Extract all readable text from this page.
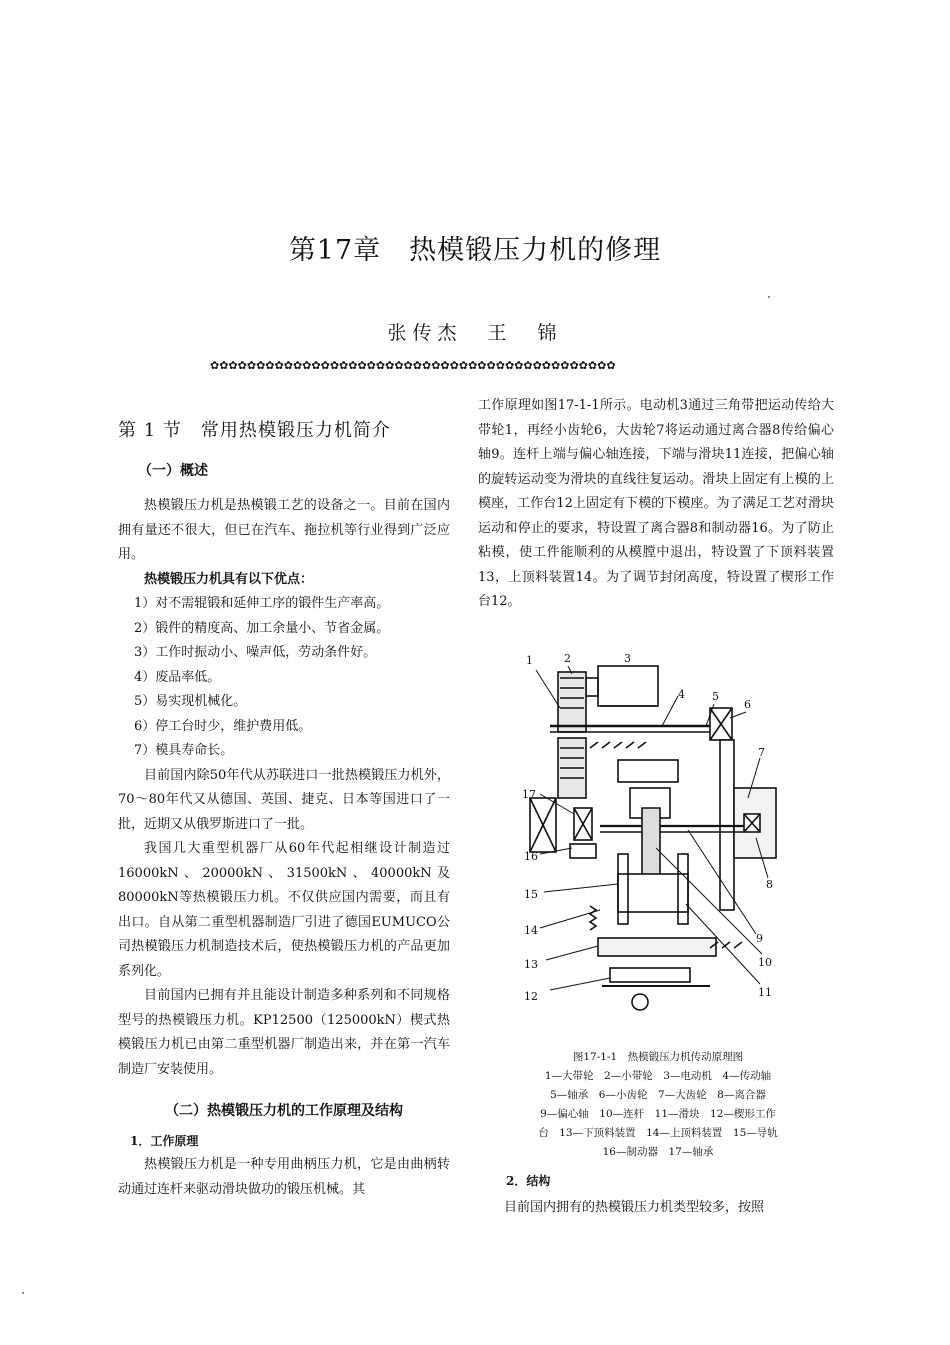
第17章　热模锻压力机的修理
张传杰　王　锦
✿✿✿✿✿✿✿✿✿✿✿✿✿✿✿✿✿✿✿✿✿✿✿✿✿✿✿✿✿✿✿✿✿✿✿✿✿✿✿✿✿✿✿✿
第 1 节　常用热模锻压力机简介
（一）概述

热模锻压力机是热模锻工艺的设备之一。目前在国内拥有量还不很大，但已在汽车、拖拉机等行业得到广泛应用。

热模锻压力机具有以下优点：

1）对不需辊锻和延伸工序的锻件生产率高。

2）锻件的精度高、加工余量小、节省金属。

3）工作时振动小、噪声低，劳动条件好。

4）废品率低。

5）易实现机械化。

6）停工台时少，维护费用低。

7）模具寿命长。

目前国内除50年代从苏联进口一批热模锻压力机外，70～80年代又从德国、英国、捷克、日本等国进口了一批，近期又从俄罗斯进口了一批。

我国几大重型机器厂从60年代起相继设计制造过16000kN、20000kN、31500kN、40000kN及80000kN等热模锻压力机。不仅供应国内需要，而且有出口。自从第二重型机器制造厂引进了德国EUMUCO公司热模锻压力机制造技术后，使热模锻压力机的产品更加系列化。

目前国内已拥有并且能设计制造多种系列和不同规格型号的热模锻压力机。KP12500（125000kN）楔式热模锻压力机已由第二重型机器厂制造出来，并在第一汽车制造厂安装使用。

（二）热模锻压力机的工作原理及结构
1．工作原理

热模锻压力机是一种专用曲柄压力机，它是由曲柄转动通过连杆来驱动滑块做功的锻压机械。其

工作原理如图17-1-1所示。电动机3通过三角带把运动传给大带轮1，再经小齿轮6，大齿轮7将运动通过离合器8传给偏心轴9。连杆上端与偏心轴连接，下端与滑块11连接，把偏心轴的旋转运动变为滑块的直线往复运动。滑块上固定有上模的上模座，工作台12上固定有下模的下模座。为了满足工艺对滑块运动和停止的要求，特设置了离合器8和制动器16。为了防止粘模，使工件能顺利的从模膛中退出，特设置了下顶料装置13，上顶料装置14。为了调节封闭高度，特设置了楔形工作台12。

1	2	3
4 5
6
7
8
9
10
11
12
13
14
15
16
17
图17-1-1　热模锻压力机传动原理图
1—大带轮　2—小带轮　3—电动机　4—传动轴
5—轴承　6—小齿轮　7—大齿轮　8—离合器
9—偏心轴　10—连杆　11—滑块　12—楔形工作
台　13—下顶料装置　14—上顶料装置　15—导轨
16—制动器　17—轴承
2．结构

目前国内拥有的热模锻压力机类型较多，按照
